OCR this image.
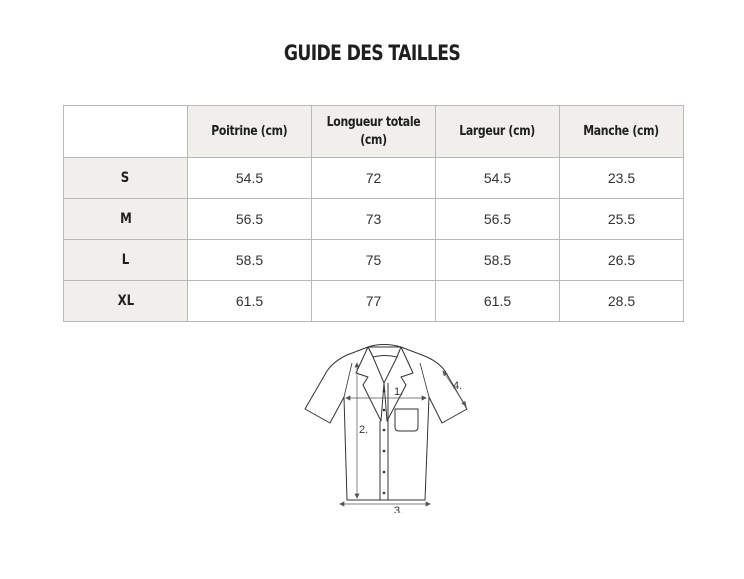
GUIDE DES TAILLES
	Poitrine (cm)	Longueur totale (cm)	Largeur (cm)	Manche (cm)
S	54.5	72	54.5	23.5
M	56.5	73	56.5	25.5
L	58.5	75	58.5	26.5
XL	61.5	77	61.5	28.5
1.
2.
3.
4.
